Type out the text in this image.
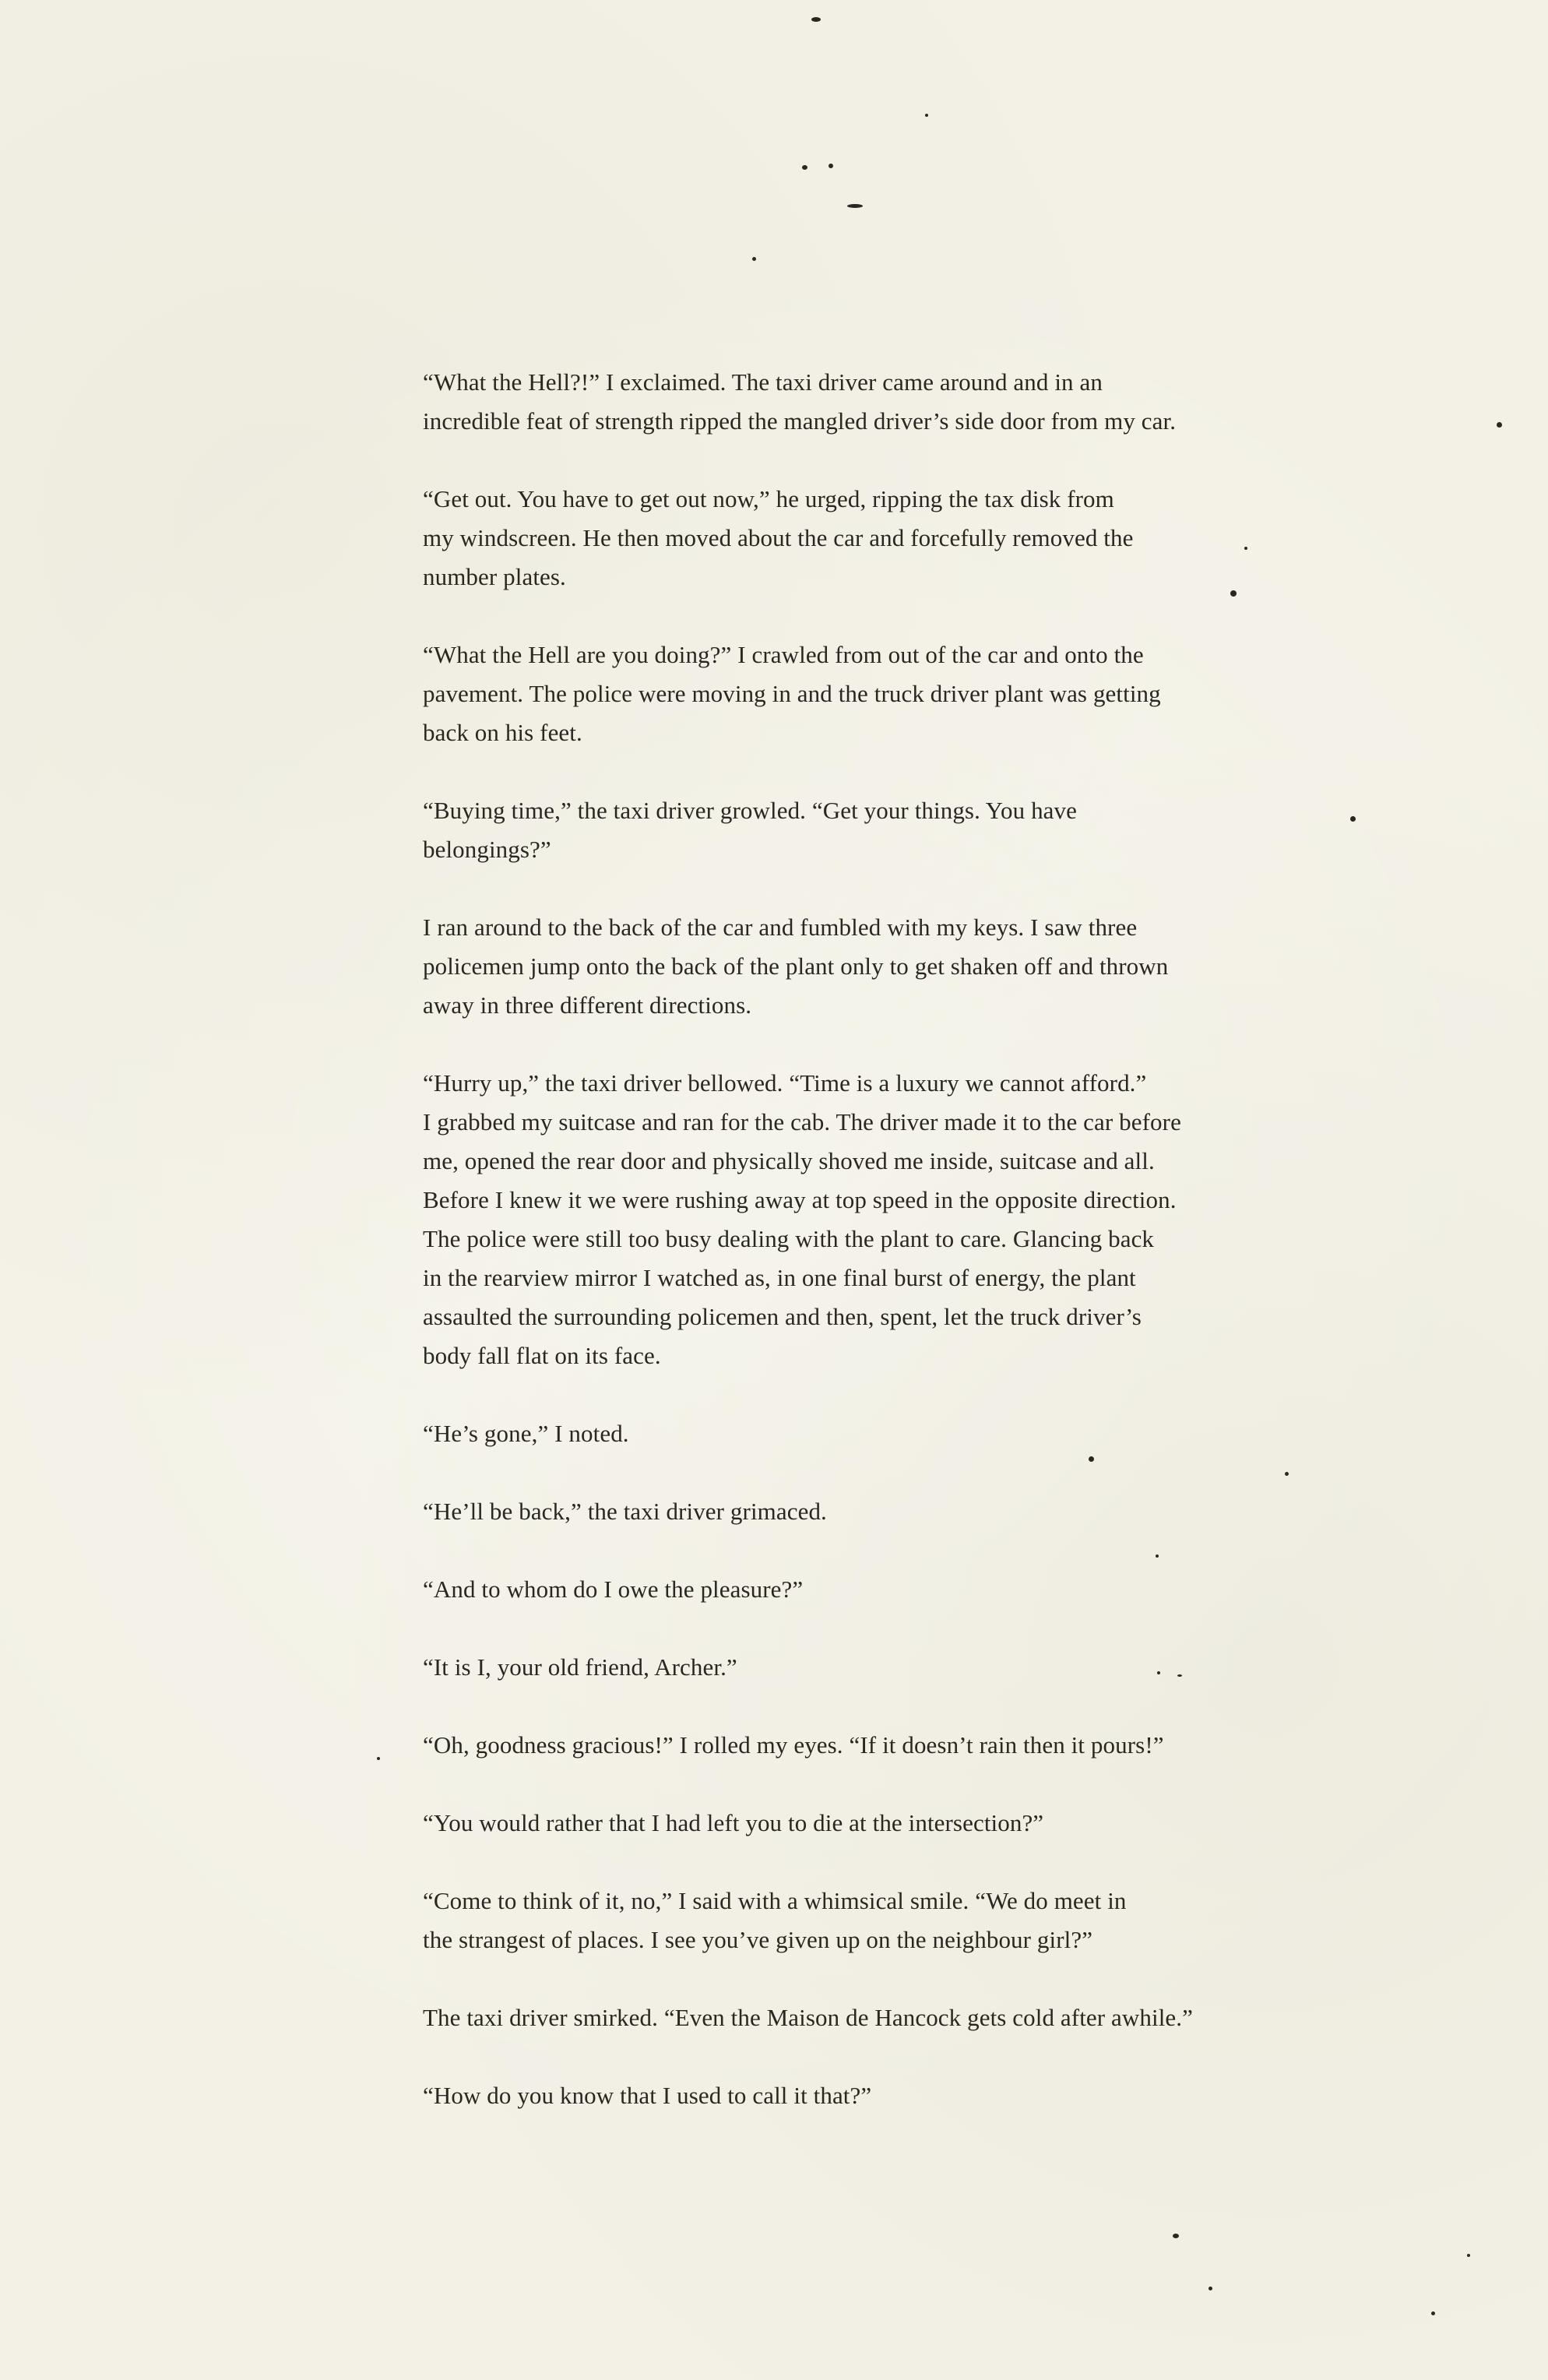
“What the Hell?!” I exclaimed. The taxi driver came around and in an
incredible feat of strength ripped the mangled driver’s side door from my car.

“Get out. You have to get out now,” he urged, ripping the tax disk from
my windscreen. He then moved about the car and forcefully removed the
number plates.

“What the Hell are you doing?” I crawled from out of the car and onto the
pavement. The police were moving in and the truck driver plant was getting
back on his feet.

“Buying time,” the taxi driver growled. “Get your things. You have
belongings?”

I ran around to the back of the car and fumbled with my keys. I saw three
policemen jump onto the back of the plant only to get shaken off and thrown
away in three different directions.

“Hurry up,” the taxi driver bellowed. “Time is a luxury we cannot afford.”
I grabbed my suitcase and ran for the cab. The driver made it to the car before
me, opened the rear door and physically shoved me inside, suitcase and all.
Before I knew it we were rushing away at top speed in the opposite direction.
The police were still too busy dealing with the plant to care. Glancing back
in the rearview mirror I watched as, in one final burst of energy, the plant
assaulted the surrounding policemen and then, spent, let the truck driver’s
body fall flat on its face.

“He’s gone,” I noted.

“He’ll be back,” the taxi driver grimaced.

“And to whom do I owe the pleasure?”

“It is I, your old friend, Archer.”

“Oh, goodness gracious!” I rolled my eyes. “If it doesn’t rain then it pours!”

“You would rather that I had left you to die at the intersection?”

“Come to think of it, no,” I said with a whimsical smile. “We do meet in
the strangest of places. I see you’ve given up on the neighbour girl?”

The taxi driver smirked. “Even the Maison de Hancock gets cold after awhile.”

“How do you know that I used to call it that?”
